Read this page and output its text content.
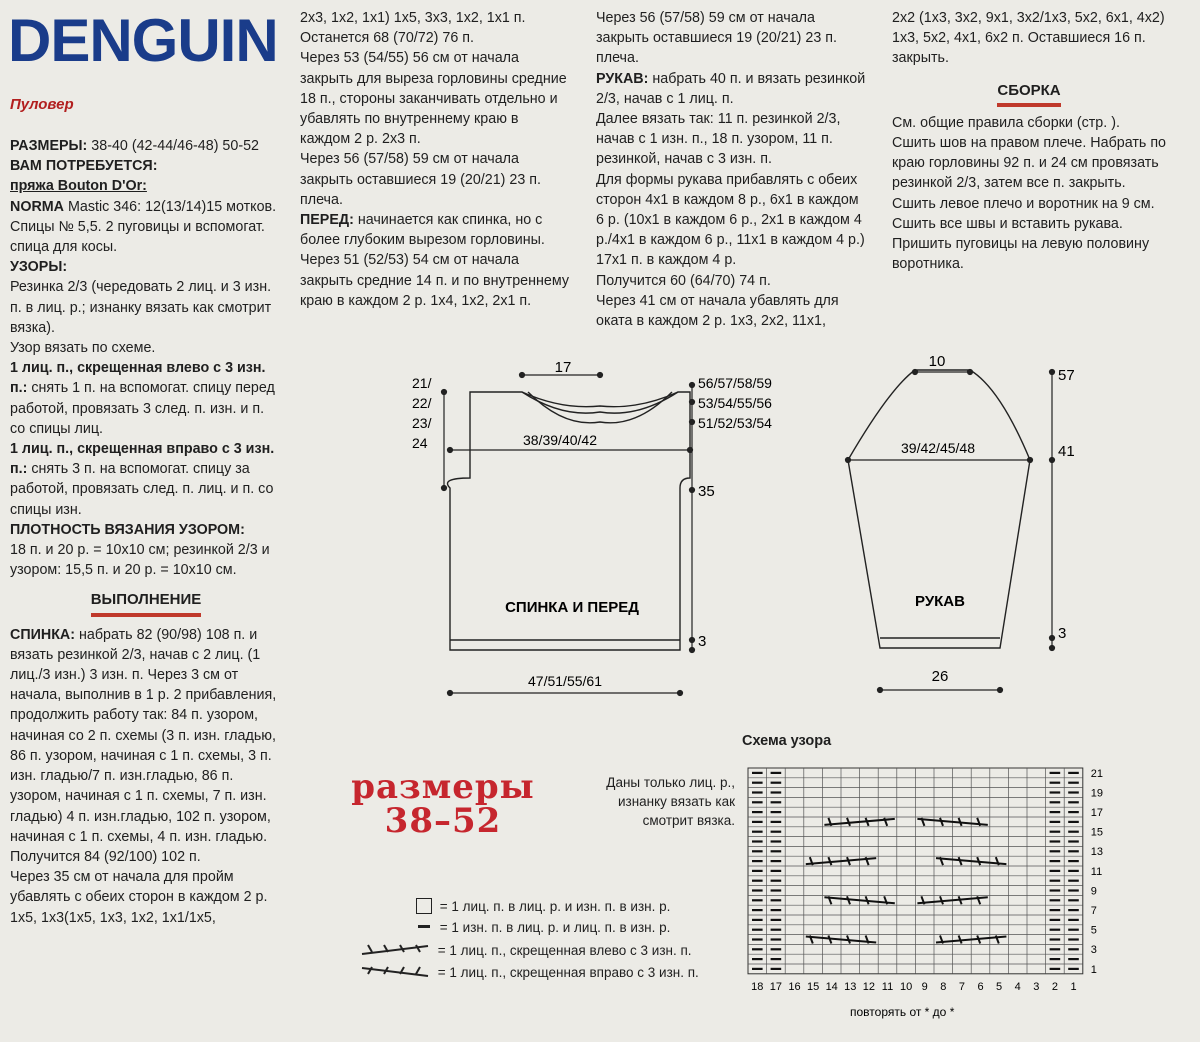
DENGUIN
Пуловер

РАЗМЕРЫ: 38-40 (42-44/46-48) 50-52

ВАМ ПОТРЕБУЕТСЯ:

пряжа Bouton D'Or:

NORMA Mastic 346: 12(13/14)15 мотков.

Спицы № 5,5. 2 пуговицы и вспомогат. спица для косы.

УЗОРЫ:

Резинка 2/3 (чередовать 2 лиц. и 3 изн. п. в лиц. р.; изнанку вязать как смотрит вязка).

Узор вязать по схеме.

1 лиц. п., скрещенная влево с 3 изн. п.: снять 1 п. на вспомогат. спицу перед работой, провязать 3 след. п. изн. и п. со спицы лиц.

1 лиц. п., скрещенная вправо с 3 изн. п.: снять 3 п. на вспомогат. спицу за работой, провязать след. п. лиц. и п. со спицы изн.

ПЛОТНОСТЬ ВЯЗАНИЯ УЗОРОМ:

18 п. и 20 р. = 10x10 см; резинкой 2/3 и узором: 15,5 п. и 20 р. = 10x10 см.

ВЫПОЛНЕНИЕ

СПИНКА: набрать 82 (90/98) 108 п. и вязать резинкой 2/3, начав с 2 лиц. (1 лиц./3 изн.) 3 изн. п. Через 3 см от начала, выполнив в 1 р. 2 прибавления, продолжить работу так: 84 п. узором, начиная со 2 п. схемы (3 п. изн. гладью, 86 п. узором, начиная с 1 п. схемы, 3 п. изн. гладью/7 п. изн.гладью, 86 п. узором, начиная с 1 п. схемы, 7 п. изн. гладью) 4 п. изн.гладью, 102 п. узором, начиная с 1 п. схемы, 4 п. изн. гладью.

Получится 84 (92/100) 102 п.

Через 35 см от начала для пройм убавлять с обеих сторон в каждом 2 р. 1x5, 1x3(1x5, 1x3, 1x2, 1x1/1x5,

2x3, 1x2, 1x1) 1x5, 3x3, 1x2, 1x1 п. Останется 68 (70/72) 76 п.

Через 53 (54/55) 56 см от начала закрыть для выреза горловины средние 18 п., стороны заканчивать отдельно и убавлять по внутреннему краю в каждом 2 р. 2x3 п.

Через 56 (57/58) 59 см от начала закрыть оставшиеся 19 (20/21) 23 п. плеча.

ПЕРЕД: начинается как спинка, но с более глубоким вырезом горловины.

Через 51 (52/53) 54 см от начала закрыть средние 14 п. и по внутреннему краю в каждом 2 р. 1x4, 1x2, 2x1 п.

Через 56 (57/58) 59 см от начала закрыть оставшиеся 19 (20/21) 23 п. плеча.

РУКАВ: набрать 40 п. и вязать резинкой 2/3, начав с 1 лиц. п.

Далее вязать так: 11 п. резинкой 2/3, начав с 1 изн. п., 18 п. узором, 11 п. резинкой, начав с 3 изн. п.

Для формы рукава прибавлять с обеих сторон 4x1 в каждом 8 р., 6x1 в каждом 6 р. (10x1 в каждом 6 р., 2x1 в каждом 4 р./4x1 в каждом 6 р., 11x1 в каждом 4 р.) 17x1 п. в каждом 4 р.

Получится 60 (64/70) 74 п.

Через 41 см от начала убавлять для оката в каждом 2 р. 1x3, 2x2, 11x1,

2x2 (1x3, 3x2, 9x1, 3x2/1x3, 5x2, 6x1, 4x2) 1x3, 5x2, 4x1, 6x2 п. Оставшиеся 16 п. закрыть.

СБОРКА

См. общие правила сборки (стр. ).

Сшить шов на правом плече. Набрать по краю горловины 92 п. и 24 см провязать резинкой 2/3, затем все п. закрыть.

Сшить левое плечо и воротник на 9 см.

Сшить все швы и вставить рукава.

Пришить пуговицы на левую половину воротника.

17
38/39/40/42
47/51/55/61
21/
22/
23/
24
56/57/58/59
53/54/55/56
51/52/53/54
35
3
СПИНКА И ПЕРЕД
10
39/42/45/48
26
57
41
3
РУКАВ
размеры
38–52
Схема узора
Даны только лиц. р., изнанку вязать как смотрит вязка.
21
19
17
15
13
11
9
7
5
3
1
18 17 16 15 14 13 12 11 10 9 8 7 6 5 4 3 2 1
повторять от * до *
= 1 лиц. п. в лиц. р. и изн. п. в изн. р.
= 1 изн. п. в лиц. р. и лиц. п. в изн. р.
= 1 лиц. п., скрещенная влево с 3 изн. п.
= 1 лиц. п., скрещенная вправо с 3 изн. п.
